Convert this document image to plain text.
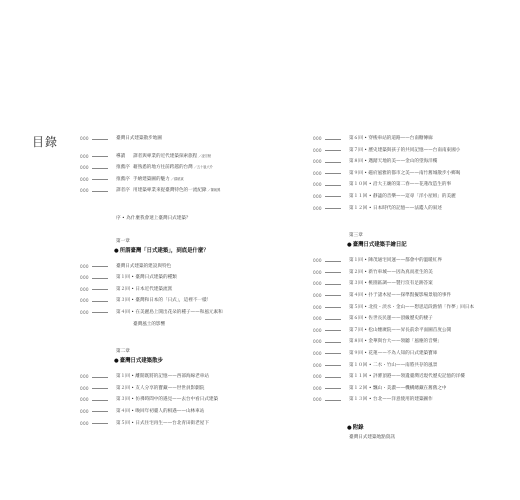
目錄	000	臺灣日式建築散步地圖
000	導讀	譯者與專業的近代建築探索旅程／凌宗魁
000	推薦序 藉熟悉的地方往前跨越的台灣／五十嵐大介
000	推薦序 手繪建築圖的魅力／蘇碩斌
000	譯者序 用建築專業來捉臺灣特色的一流紀錄／陳朝興
序 • 為什麼我會迷上臺灣日式建築？
第一章
●所謂臺灣「日式建築」，到底是什麼？
000	臺灣日式建築的建設與特色
000	第１回 • 臺灣日式建築的種類
000	第２回 • 日本近代建築流派
000	第３回 • 臺灣和日本的「日式」，這裡不一樣！
000	第４回 • 在美麗島上開出花朵的種子——和風元素和
臺灣風土的影響
第二章
●臺灣日式建築散步
000	第１回 • 離開既將的記憶——西部海線老車站
000	第２回 • 友人分享的寶藏——世世員影劇院
000	第３回 • 仿彿時間中的遇見——去台中看日式建築
000	第４回 • 喚回年初臺人的相遇——山林車站
000	第５回 • 日式住宅再生——台北青田街老屋下
000	第６回 • 穿梭車站的道路——台南糖傳廊
000	第７回 • 歷史建築與孩子的共同記憶——台南南東國小
000	第８回 • 邁踏天地的美——金山的望海洋樓
000	第９回 • 磁府風雅的都市之美——南竹舊城散步小鄉喝
000	第１０回 • 沿大王廟的第二春——花蓮改造生的事
000	第１１回 • 靜謐的音樂——這尋「洋小屋組」的美麗
000	第１２回 • 日本時代的記憶——法鑑人的叙述
第三章
●臺灣日式建築手繪日記
000	第１回 • 陳茂通宅同運——都會中的溫暖紅界
000	第２回 • 新竹車城——因為真而產生的美
000	第３回 • 桃園區調——製行沒有足跡答案
000	第４回 • 扑于諸木屋——探準賢擬影場景般的事件
000	第５回 • 北投・淡水・金山——想思這段熱情「作夢」回日本
000	第６回 • 佐世長民運——頂級歷史的棲子
000	第７回 • 松山煙廣院——昇長前余平面圖首度公開
000	第８回 • 金華與台大——領聽「風塵的音樂」
000	第９回 • 花蓮——不為人知的日式建築寶庫
000	第１０回 • 二水・竹山——南將共存的風景
000	第１１回 • 評審頂港——領遺臺灣近現代歷史記憶的洋樓
000	第１２回 • 飄山・美濃——機構總藏在舊舊之中
000	第１３回 • 台北——洋意使用的建築圖作
●附錄
臺灣日式建築地點資訊
